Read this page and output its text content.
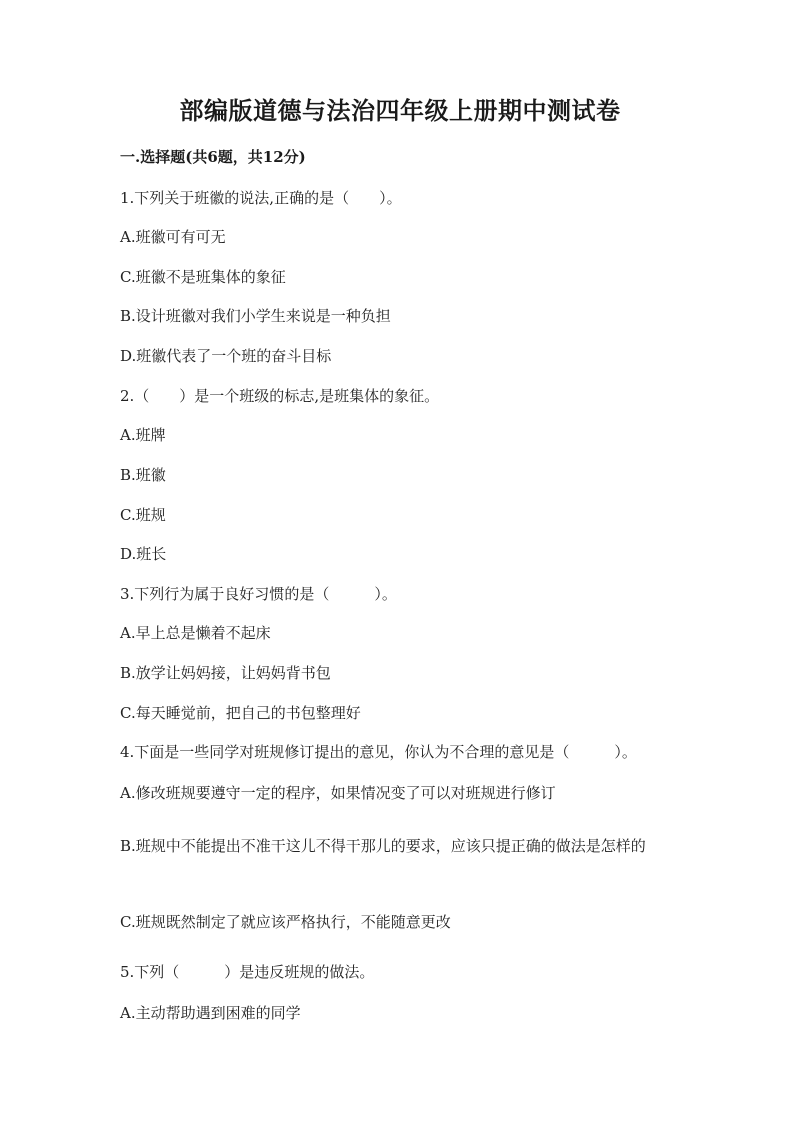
部编版道德与法治四年级上册期中测试卷
一.选择题(共6题，共12分)
1.下列关于班徽的说法,正确的是（　　）。
A.班徽可有可无
C.班徽不是班集体的象征
B.设计班徽对我们小学生来说是一种负担
D.班徽代表了一个班的奋斗目标
2.（　　）是一个班级的标志,是班集体的象征。
A.班牌
B.班徽
C.班规
D.班长
3.下列行为属于良好习惯的是（　　　）。
A.早上总是懒着不起床
B.放学让妈妈接，让妈妈背书包
C.每天睡觉前，把自己的书包整理好
4.下面是一些同学对班规修订提出的意见，你认为不合理的意见是（　　　）。
A.修改班规要遵守一定的程序，如果情况变了可以对班规进行修订
B.班规中不能提出不准干这儿不得干那儿的要求，应该只提正确的做法是怎样的
C.班规既然制定了就应该严格执行，不能随意更改
5.下列（　　　）是违反班规的做法。
A.主动帮助遇到困难的同学
